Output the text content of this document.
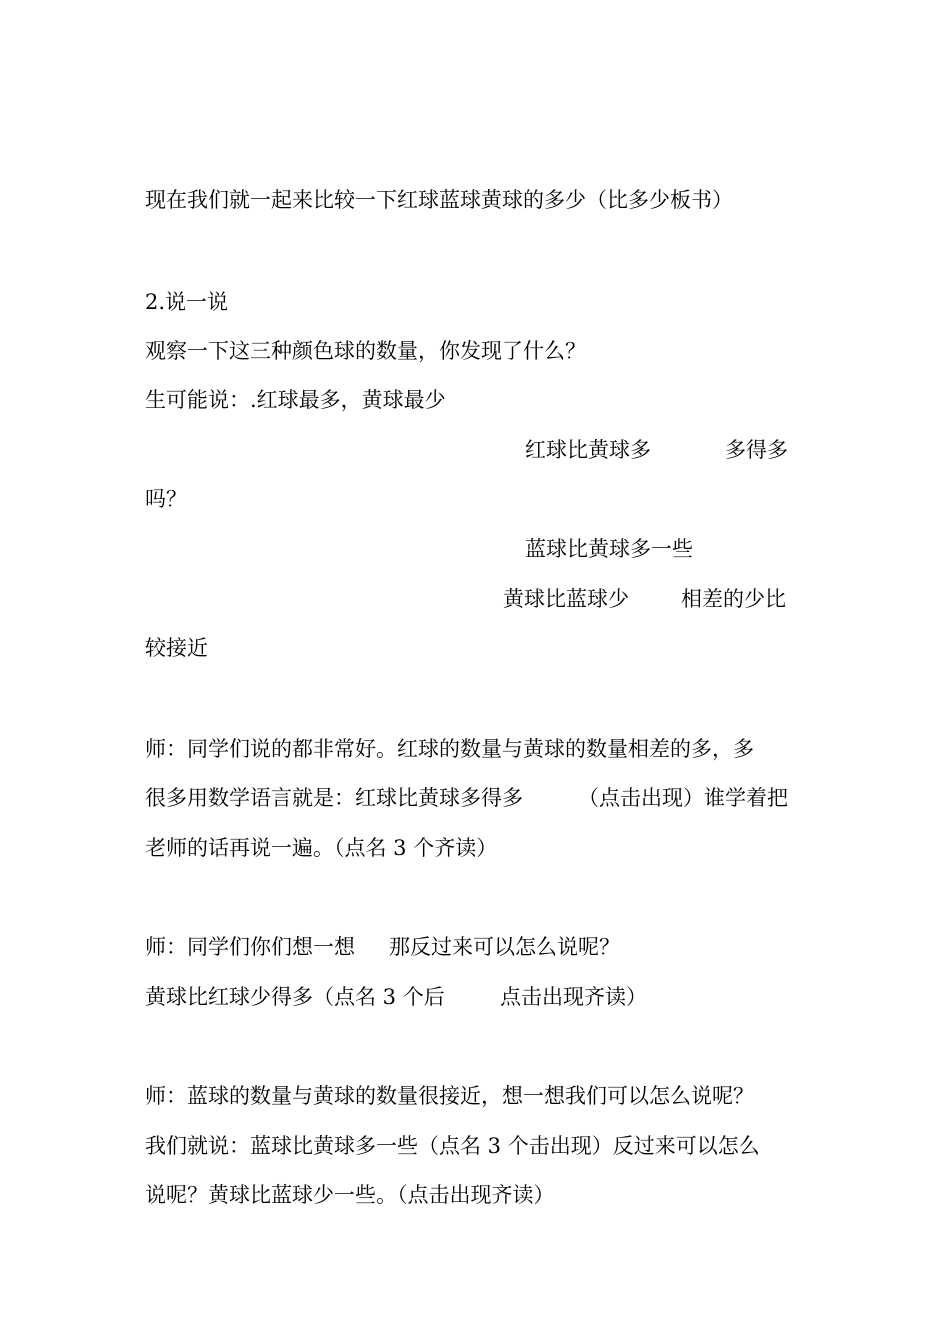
现在我们就一起来比较一下红球蓝球黄球的多少（比多少板书）
2.说一说
观察一下这三种颜色球的数量，你发现了什么？
生可能说：.红球最多，黄球最少
红球比黄球多	多得多
吗？
蓝球比黄球多一些
黄球比蓝球少 相差的少比
较接近
师：同学们说的都非常好。红球的数量与黄球的数量相差的多，多
很多用数学语言就是：红球比黄球多得多	（点击出现）谁学着把
老师的话再说一遍。（点名 3 个齐读）
师：同学们你们想一想 那反过来可以怎么说呢？
黄球比红球少得多（点名 3 个后	点击出现齐读）
师：蓝球的数量与黄球的数量很接近，想一想我们可以怎么说呢？
我们就说：蓝球比黄球多一些（点名 3 个击出现）反过来可以怎么
说呢？黄球比蓝球少一些。（点击出现齐读）
